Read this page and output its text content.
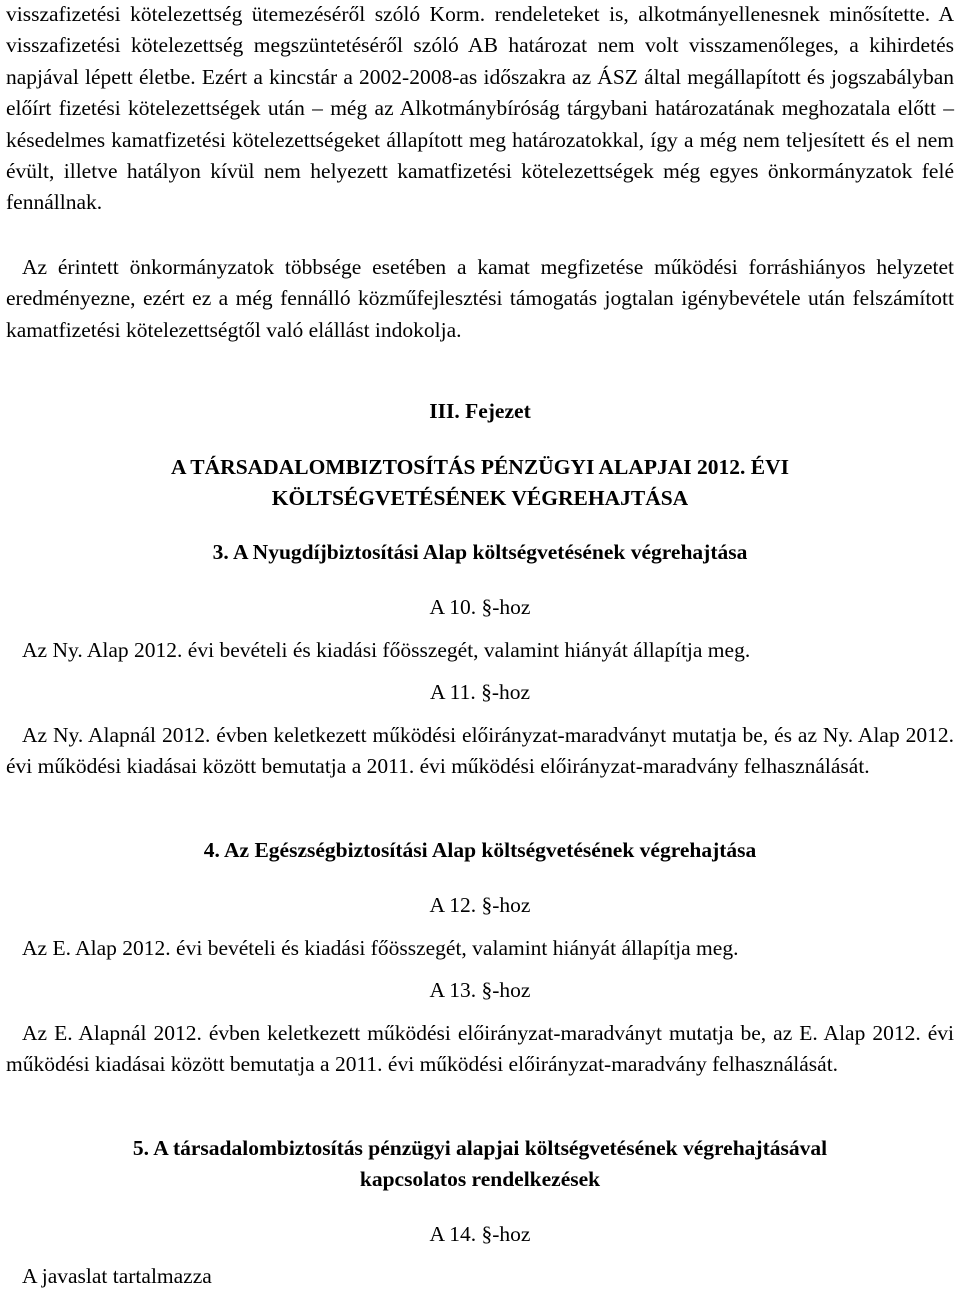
visszafizetési kötelezettség ütemezéséről szóló Korm. rendeleteket is, alkotmányellenesnek minősítette. A visszafizetési kötelezettség megszüntetéséről szóló AB határozat nem volt visszamenőleges, a kihirdetés napjával lépett életbe. Ezért a kincstár a 2002-2008-as időszakra az ÁSZ által megállapított és jogszabályban előírt fizetési kötelezettségek után – még az Alkotmánybíróság tárgybani határozatának meghozatala előtt – késedelmes kamatfizetési kötelezettségeket állapított meg határozatokkal, így a még nem teljesített és el nem évült, illetve hatályon kívül nem helyezett kamatfizetési kötelezettségek még egyes önkormányzatok felé fennállnak.

Az érintett önkormányzatok többsége esetében a kamat megfizetése működési forráshiányos helyzetet eredményezne, ezért ez a még fennálló közműfejlesztési támogatás jogtalan igénybevétele után felszámított kamatfizetési kötelezettségtől való elállást indokolja.

III. Fejezet

A TÁRSADALOMBIZTOSÍTÁS PÉNZÜGYI ALAPJAI 2012. ÉVI

KÖLTSÉGVETÉSÉNEK VÉGREHAJTÁSA

3. A Nyugdíjbiztosítási Alap költségvetésének végrehajtása

A 10. §-hoz

Az Ny. Alap 2012. évi bevételi és kiadási főösszegét, valamint hiányát állapítja meg.

A 11. §-hoz

Az Ny. Alapnál 2012. évben keletkezett működési előirányzat-maradványt mutatja be, és az Ny. Alap 2012. évi működési kiadásai között bemutatja a 2011. évi működési előirányzat-maradvány felhasználását.

4. Az Egészségbiztosítási Alap költségvetésének végrehajtása

A 12. §-hoz

Az E. Alap 2012. évi bevételi és kiadási főösszegét, valamint hiányát állapítja meg.

A 13. §-hoz

Az E. Alapnál 2012. évben keletkezett működési előirányzat-maradványt mutatja be, az E. Alap 2012. évi működési kiadásai között bemutatja a 2011. évi működési előirányzat-maradvány felhasználását.

5. A társadalombiztosítás pénzügyi alapjai költségvetésének végrehajtásával

kapcsolatos rendelkezések

A 14. §-hoz

A javaslat tartalmazza
